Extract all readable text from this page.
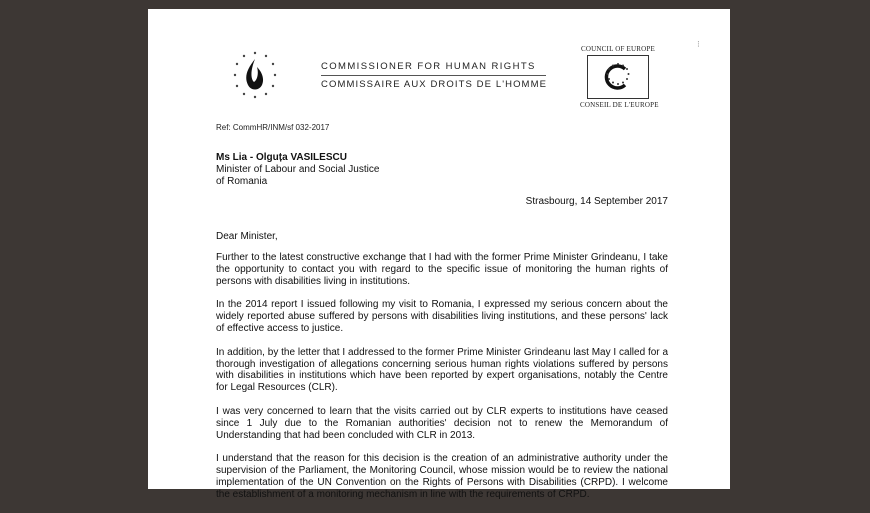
COMMISSIONER FOR HUMAN RIGHTS
COMMISSAIRE AUX DROITS DE L'HOMME
COUNCIL OF EUROPE
CONSEIL DE L'EUROPE
⁝
Ref: CommHR/INM/sf 032-2017
Ms Lia - Olguța VASILESCU
Minister of Labour and Social Justice
of Romania
Strasbourg, 14 September 2017
Dear Minister,

Further to the latest constructive exchange that I had with the former Prime Minister Grindeanu, I take the opportunity to contact you with regard to the specific issue of monitoring the human rights of persons with disabilities living in institutions.

In the 2014 report I issued following my visit to Romania, I expressed my serious concern about the widely reported abuse suffered by persons with disabilities living institutions, and these persons' lack of effective access to justice.

In addition, by the letter that I addressed to the former Prime Minister Grindeanu last May I called for a thorough investigation of allegations concerning serious human rights violations suffered by persons with disabilities in institutions which have been reported by expert organisations, notably the Centre for Legal Resources (CLR).

I was very concerned to learn that the visits carried out by CLR experts to institutions have ceased since 1 July due to the Romanian authorities' decision not to renew the Memorandum of Understanding that had been concluded with CLR in 2013.

I understand that the reason for this decision is the creation of an administrative authority under the supervision of the Parliament, the Monitoring Council, whose mission would be to review the national implementation of the UN Convention on the Rights of Persons with Disabilities (CRPD). I welcome the establishment of a monitoring mechanism in line with the requirements of CRPD.
